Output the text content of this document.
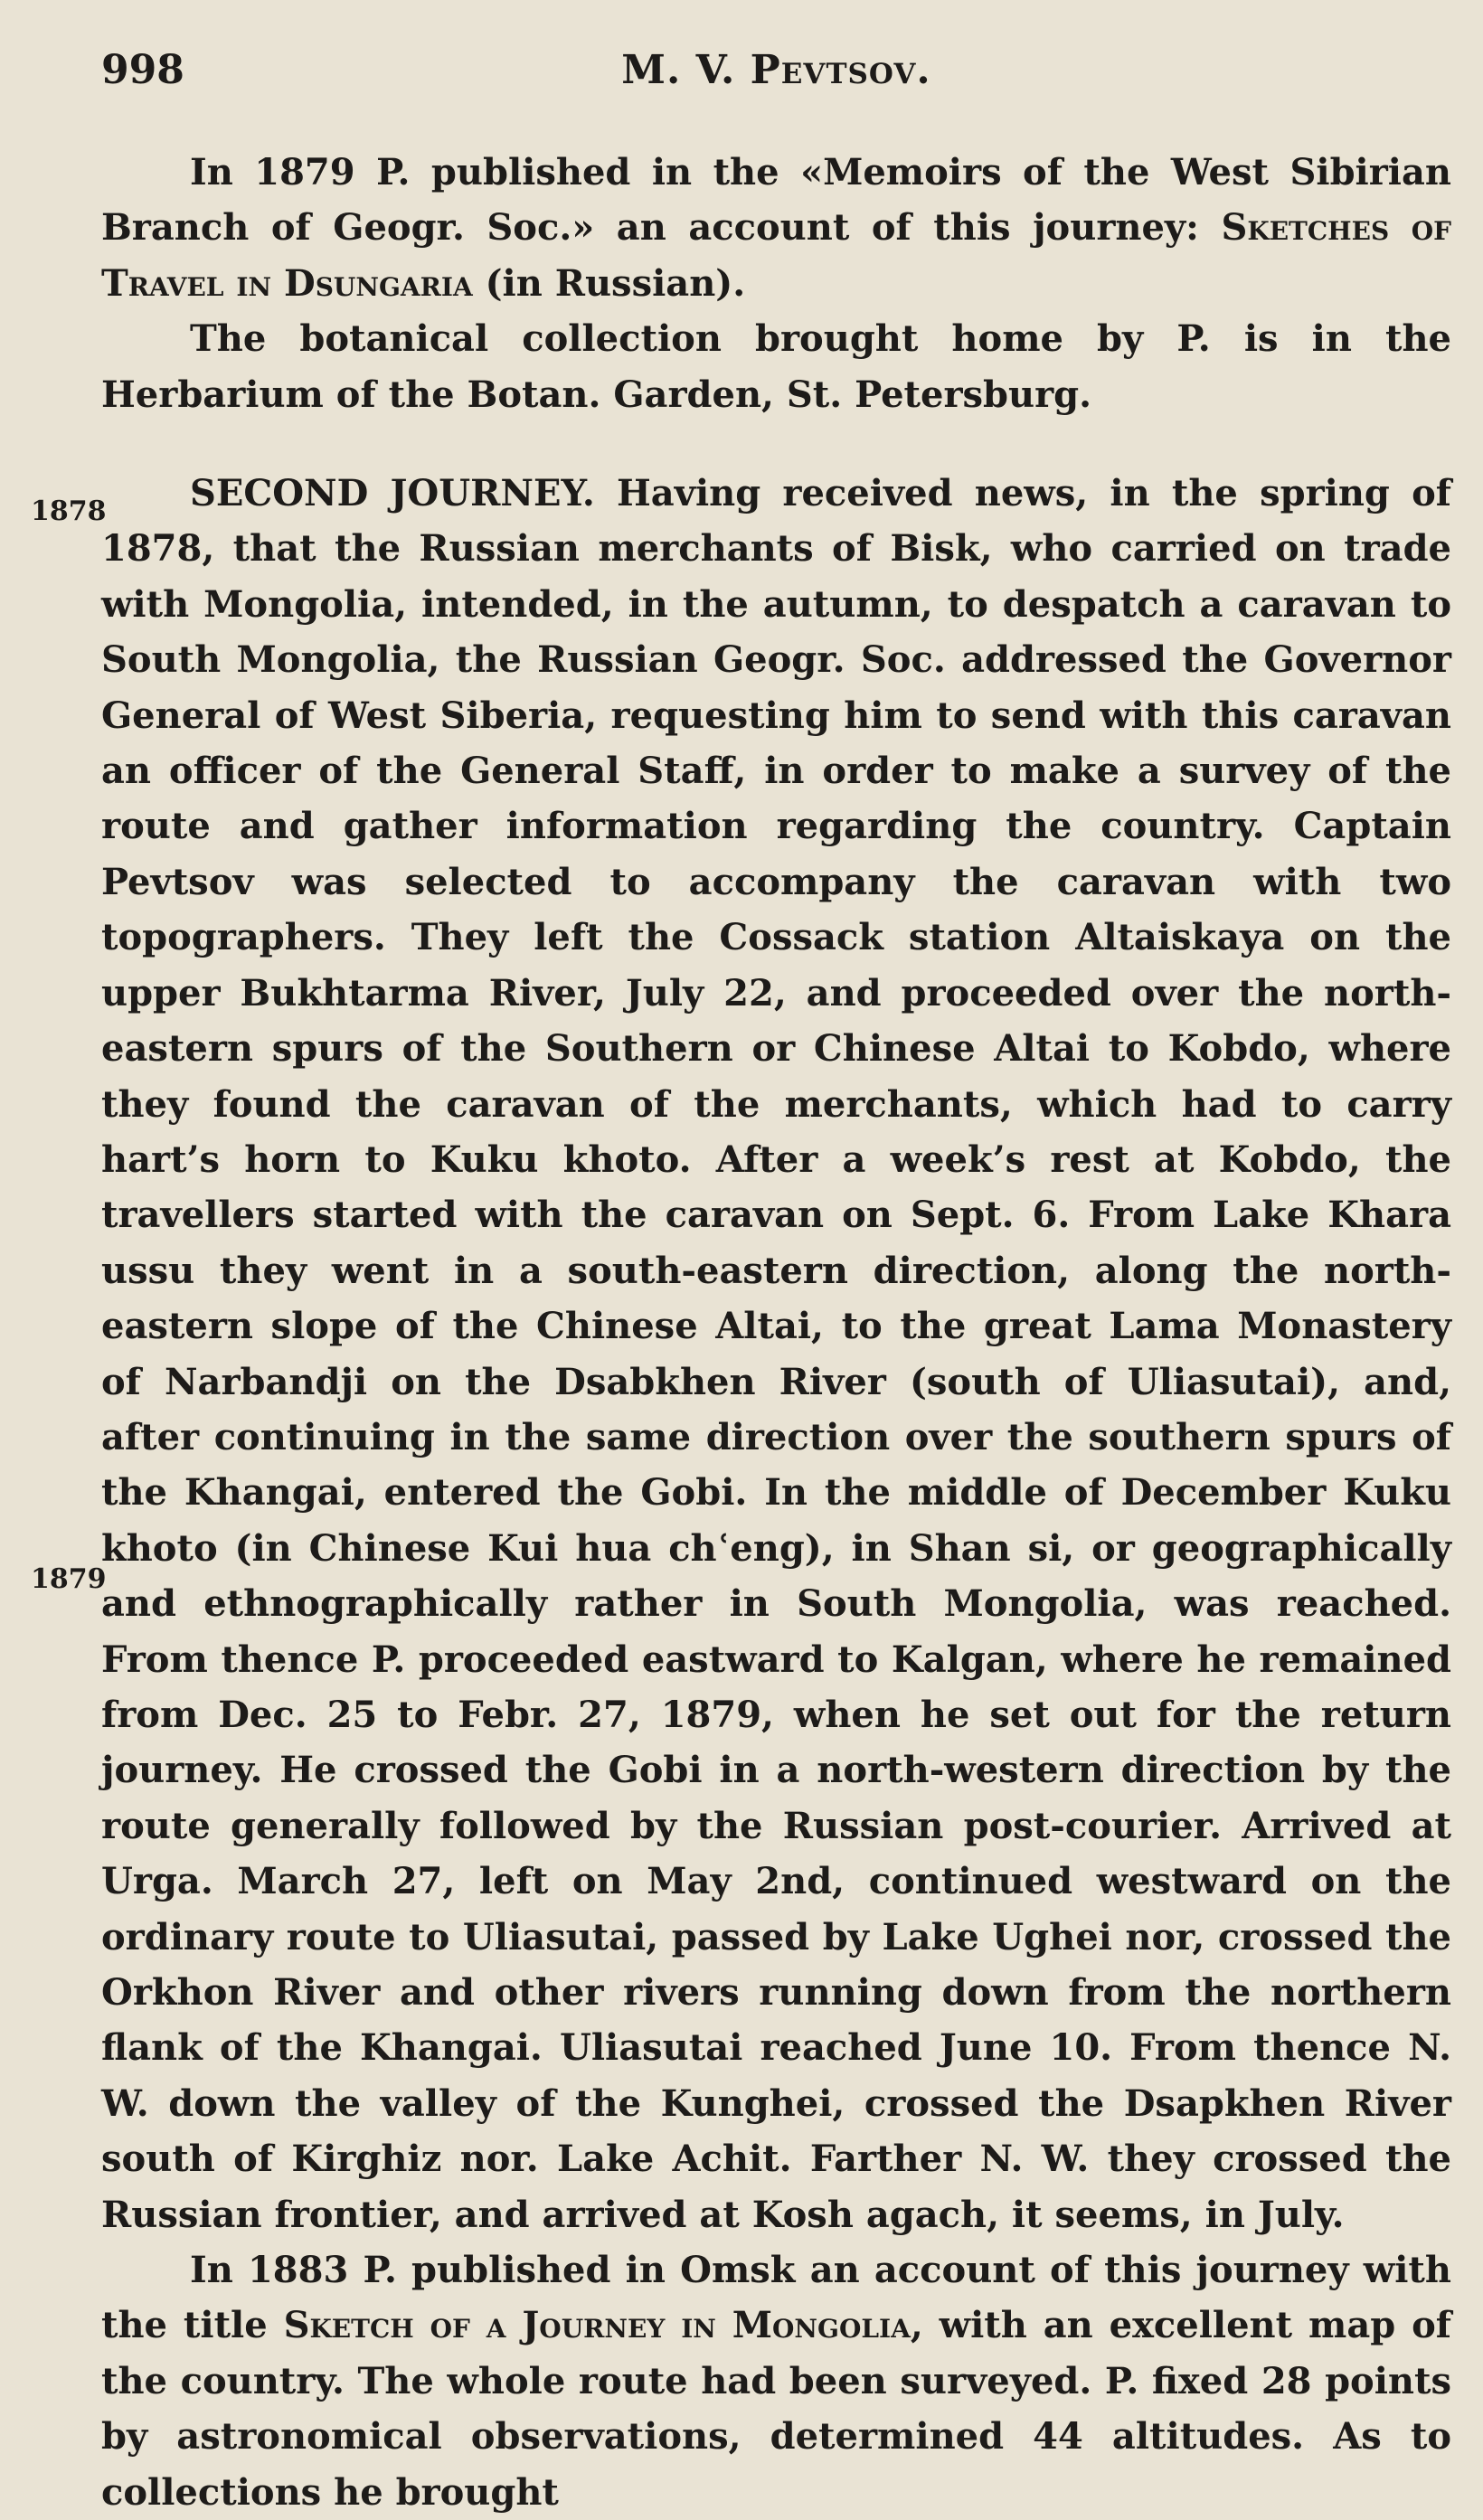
998	M. V. Pevtsov.
1878
1879

In 1879 P. published in the «Memoirs of the West Sibirian Branch of Geogr. Soc.» an account of this journey: Sketches of Travel in Dsungaria (in Russian).

The botanical collection brought home by P. is in the Herbarium of the Botan. Garden, St. Petersburg.

SECOND JOURNEY. Having received news, in the spring of 1878, that the Russian merchants of Bisk, who carried on trade with Mongolia, intended, in the autumn, to despatch a caravan to South Mongolia, the Russian Geogr. Soc. addressed the Governor General of West Siberia, requesting him to send with this caravan an officer of the General Staff, in order to make a survey of the route and gather information regarding the country. Captain Pevtsov was selected to accompany the caravan with two topographers. They left the Cossack station Altaiskaya on the upper Bukhtarma River, July 22, and proceeded over the north-eastern spurs of the Southern or Chinese Altai to Kobdo, where they found the caravan of the merchants, which had to carry hart’s horn to Kuku khoto. After a week’s rest at Kobdo, the travellers started with the caravan on Sept. 6. From Lake Khara ussu they went in a south-eastern direction, along the north-eastern slope of the Chinese Altai, to the great Lama Monastery of Narbandji on the Dsabkhen River (south of Uliasutai), and, after continuing in the same direction over the southern spurs of the Khangai, entered the Gobi. In the middle of December Kuku khoto (in Chinese Kui hua chʿeng), in Shan si, or geographically and ethnographically rather in South Mongolia, was reached. From thence P. proceeded eastward to Kalgan, where he remained from Dec. 25 to Febr. 27, 1879, when he set out for the return journey. He crossed the Gobi in a north-western direction by the route generally followed by the Russian post-courier. Arrived at Urga. March 27, left on May 2nd, continued westward on the ordinary route to Uliasutai, passed by Lake Ughei nor, crossed the Orkhon River and other rivers running down from the northern flank of the Khangai. Uliasutai reached June 10. From thence N. W. down the valley of the Kunghei, crossed the Dsapkhen River south of Kirghiz nor. Lake Achit. Farther N. W. they crossed the Russian frontier, and arrived at Kosh agach, it seems, in July.

In 1883 P. published in Omsk an account of this journey with the title Sketch of a Journey in Mongolia, with an excellent map of the country. The whole route had been surveyed. P. fixed 28 points by astronomical observations, determined 44 altitudes. As to collections he brought
